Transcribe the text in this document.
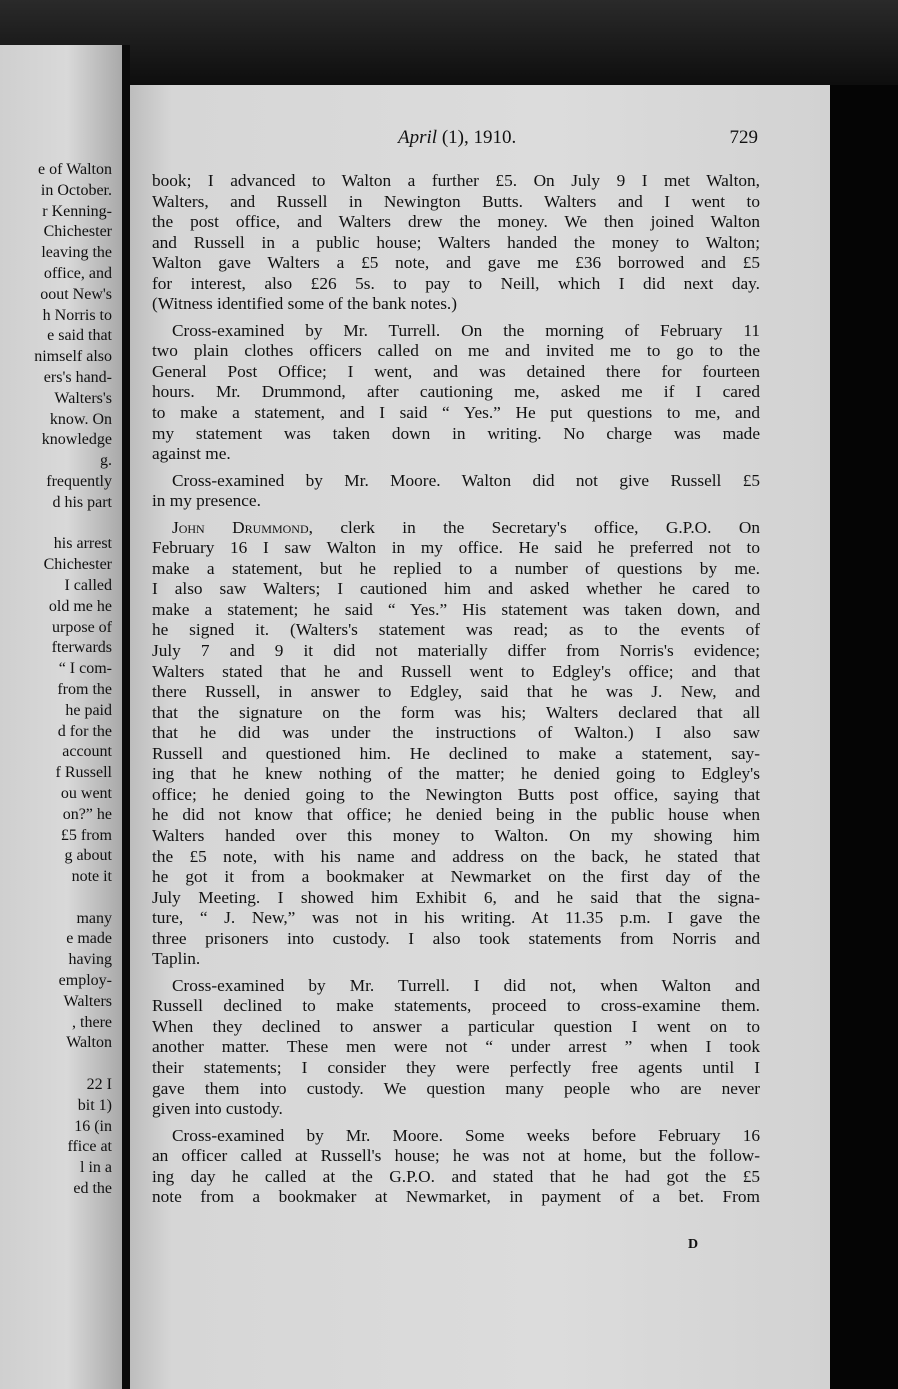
e of Walton
in October.
r Kenning-
Chichester
leaving the
office, and
oout New's
h Norris to
e said that
nimself also
ers's hand-
Walters's
know. On
knowledge
g.
frequently
d his part
his arrest
Chichester
I called
old me he
urpose of
fterwards
“ I com-
from the
he paid
d for the
account
f Russell
ou went
on?” he
£5 from
g about
note it
many
e made
having
employ-
Walters
, there
Walton
22 I
bit 1)
16 (in
ffice at
l in a
ed the
April (1), 1910.	729
book; I advanced to Walton a further £5. On July 9 I met Walton,
Walters, and Russell in Newington Butts. Walters and I went to
the post office, and Walters drew the money. We then joined Walton
and Russell in a public house; Walters handed the money to Walton;
Walton gave Walters a £5 note, and gave me £36 borrowed and £5
for interest, also £26 5s. to pay to Neill, which I did next day.
(Witness identified some of the bank notes.)
Cross-examined by Mr. Turrell. On the morning of February 11
two plain clothes officers called on me and invited me to go to the
General Post Office; I went, and was detained there for fourteen
hours. Mr. Drummond, after cautioning me, asked me if I cared
to make a statement, and I said “ Yes.” He put questions to me, and
my statement was taken down in writing. No charge was made
against me.
Cross-examined by Mr. Moore. Walton did not give Russell £5
in my presence.
John Drummond, clerk in the Secretary's office, G.P.O. On
February 16 I saw Walton in my office. He said he preferred not to
make a statement, but he replied to a number of questions by me.
I also saw Walters; I cautioned him and asked whether he cared to
make a statement; he said “ Yes.” His statement was taken down, and
he signed it. (Walters's statement was read; as to the events of
July 7 and 9 it did not materially differ from Norris's evidence;
Walters stated that he and Russell went to Edgley's office; and that
there Russell, in answer to Edgley, said that he was J. New, and
that the signature on the form was his; Walters declared that all
that he did was under the instructions of Walton.) I also saw
Russell and questioned him. He declined to make a statement, say-
ing that he knew nothing of the matter; he denied going to Edgley's
office; he denied going to the Newington Butts post office, saying that
he did not know that office; he denied being in the public house when
Walters handed over this money to Walton. On my showing him
the £5 note, with his name and address on the back, he stated that
he got it from a bookmaker at Newmarket on the first day of the
July Meeting. I showed him Exhibit 6, and he said that the signa-
ture, “ J. New,” was not in his writing. At 11.35 p.m. I gave the
three prisoners into custody. I also took statements from Norris and
Taplin.
Cross-examined by Mr. Turrell. I did not, when Walton and
Russell declined to make statements, proceed to cross-examine them.
When they declined to answer a particular question I went on to
another matter. These men were not “ under arrest ” when I took
their statements; I consider they were perfectly free agents until I
gave them into custody. We question many people who are never
given into custody.
Cross-examined by Mr. Moore. Some weeks before February 16
an officer called at Russell's house; he was not at home, but the follow-
ing day he called at the G.P.O. and stated that he had got the £5
note from a bookmaker at Newmarket, in payment of a bet. From
D
